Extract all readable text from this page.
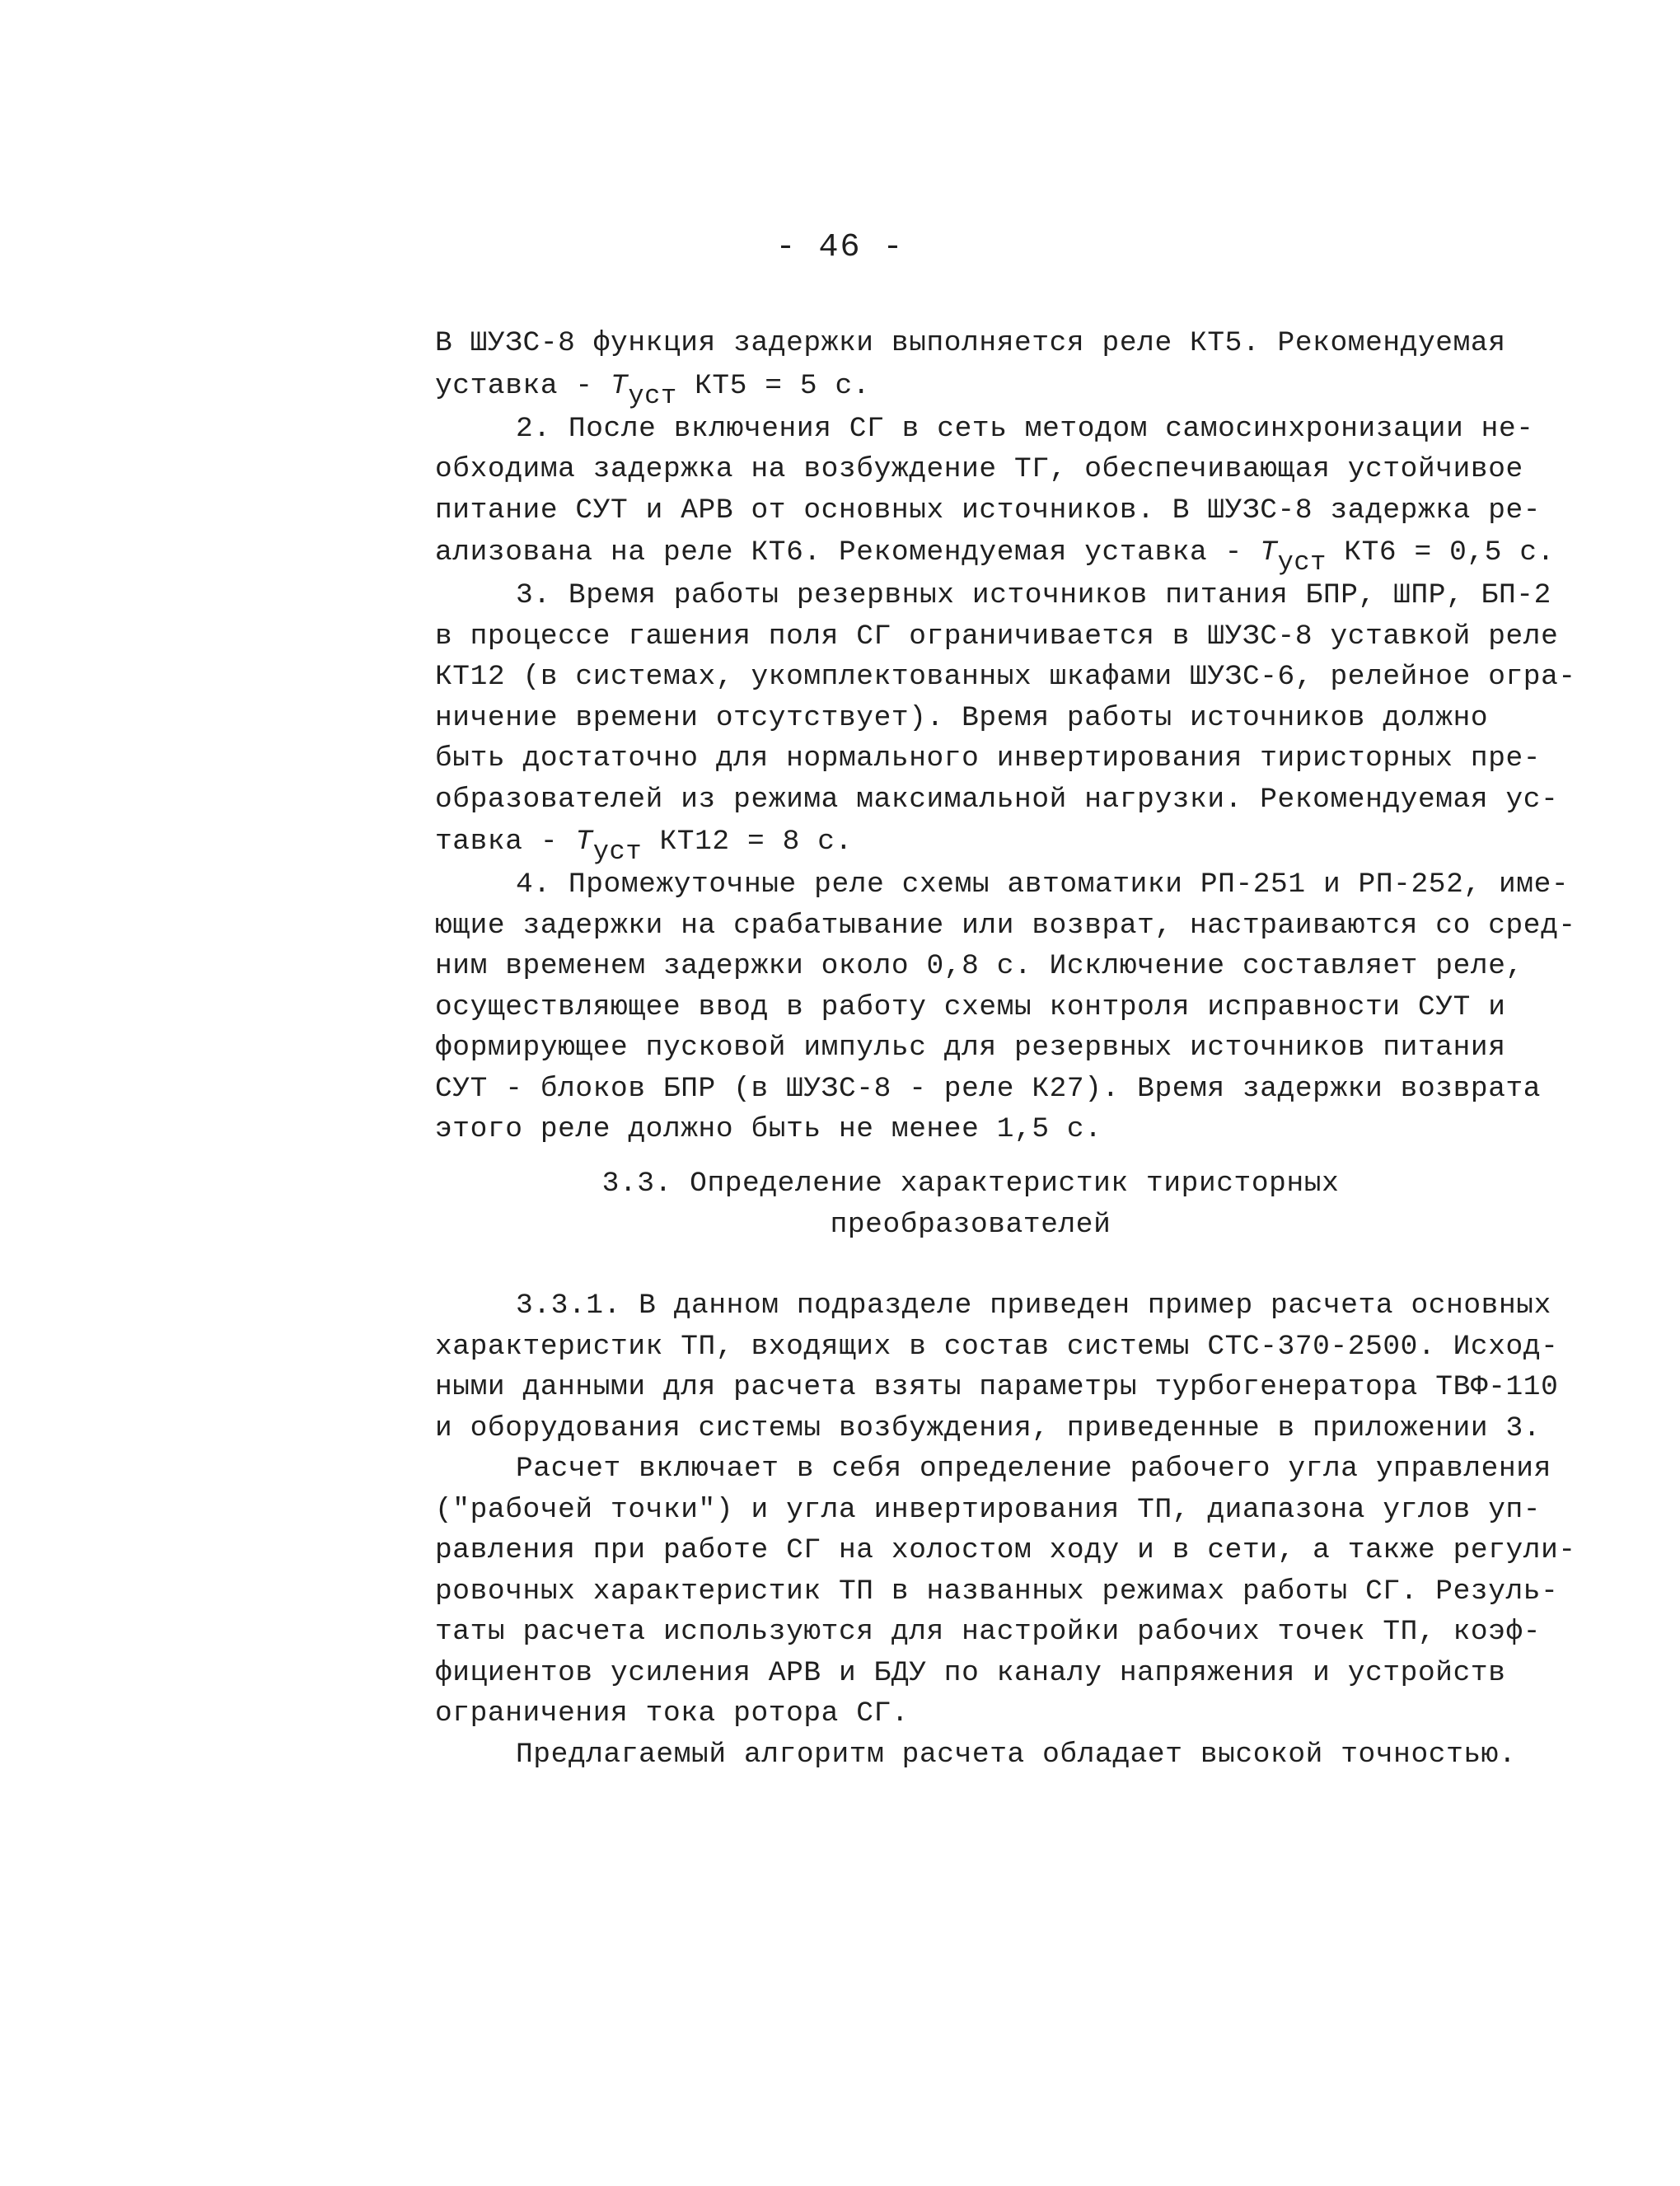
- 46 -
В ШУЗС-8 функция задержки выполняется реле КТ5. Рекомендуемая
уставка - Tуст КТ5 = 5 с.
2. После включения СГ в сеть методом самосинхронизации не-
обходима задержка на возбуждение ТГ, обеспечивающая устойчивое
питание СУТ и АРВ от основных источников. В ШУЗС-8 задержка ре-
ализована на реле КТ6. Рекомендуемая уставка - Tуст КТ6 = 0,5 с.
3. Время работы резервных источников питания БПР, ШПР, БП-2
в процессе гашения поля СГ ограничивается в ШУЗС-8 уставкой реле
КТ12 (в системах, укомплектованных шкафами ШУЗС-6, релейное огра-
ничение времени отсутствует). Время работы источников должно
быть достаточно для нормального инвертирования тиристорных пре-
образователей из режима максимальной нагрузки. Рекомендуемая ус-
тавка - Tуст КТ12 = 8 с.
4. Промежуточные реле схемы автоматики РП-251 и РП-252, име-
ющие задержки на срабатывание или возврат, настраиваются со сред-
ним временем задержки около 0,8 с. Исключение составляет реле,
осуществляющее ввод в работу схемы контроля исправности СУТ и
формирующее пусковой импульс для резервных источников питания
СУТ - блоков БПР (в ШУЗС-8 - реле К27). Время задержки возврата
этого реле должно быть не менее 1,5 с.
3.3. Определение характеристик тиристорных
преобразователей
3.3.1. В данном подразделе приведен пример расчета основных
характеристик ТП, входящих в состав системы СТС-370-2500. Исход-
ными данными для расчета взяты параметры турбогенератора ТВФ-110
и оборудования системы возбуждения, приведенные в приложении 3.
Расчет включает в себя определение рабочего угла управления
("рабочей точки") и угла инвертирования ТП, диапазона углов уп-
равления при работе СГ на холостом ходу и в сети, а также регули-
ровочных характеристик ТП в названных режимах работы СГ. Резуль-
таты расчета используются для настройки рабочих точек ТП, коэф-
фициентов усиления АРВ и БДУ по каналу напряжения и устройств
ограничения тока ротора СГ.
Предлагаемый алгоритм расчета обладает высокой точностью.
